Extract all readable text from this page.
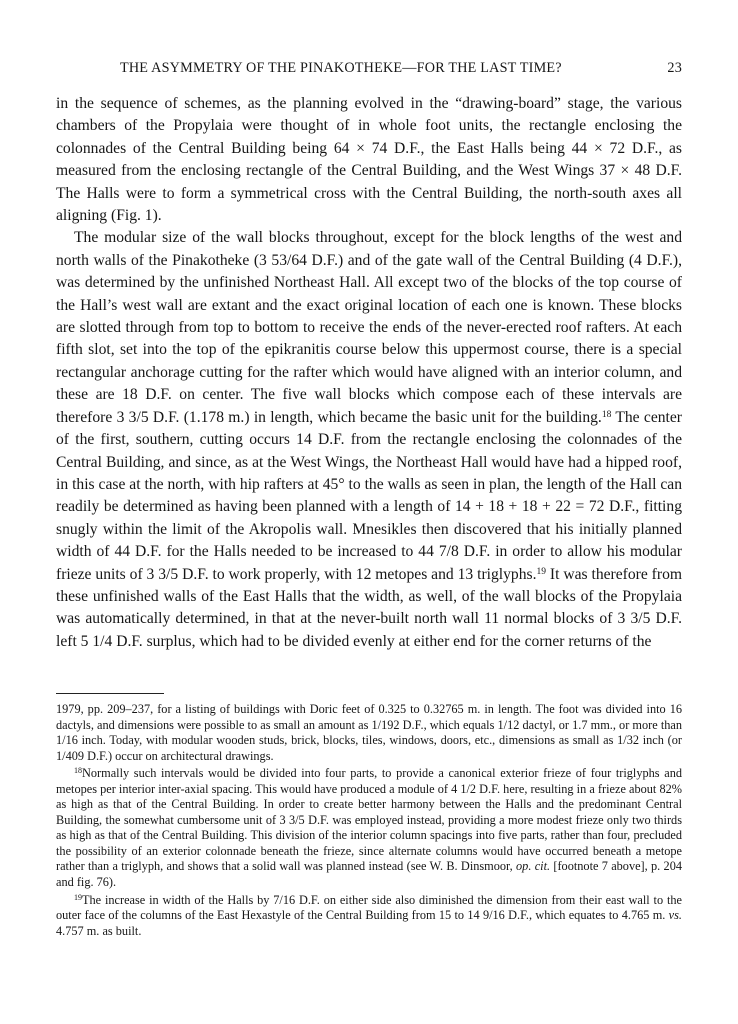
THE ASYMMETRY OF THE PINAKOTHEKE—FOR THE LAST TIME?	23

in the sequence of schemes, as the planning evolved in the “drawing-board” stage, the various chambers of the Propylaia were thought of in whole foot units, the rectangle enclosing the colonnades of the Central Building being 64 × 74 D.F., the East Halls being 44 × 72 D.F., as measured from the enclosing rectangle of the Central Building, and the West Wings 37 × 48 D.F. The Halls were to form a symmetrical cross with the Central Building, the north-south axes all aligning (Fig. 1).

The modular size of the wall blocks throughout, except for the block lengths of the west and north walls of the Pinakotheke (3 53/64 D.F.) and of the gate wall of the Central Building (4 D.F.), was determined by the unfinished Northeast Hall. All except two of the blocks of the top course of the Hall’s west wall are extant and the exact original location of each one is known. These blocks are slotted through from top to bottom to receive the ends of the never-erected roof rafters. At each fifth slot, set into the top of the epikranitis course below this uppermost course, there is a special rectangular anchorage cutting for the rafter which would have aligned with an interior column, and these are 18 D.F. on center. The five wall blocks which compose each of these intervals are therefore 3 3/5 D.F. (1.178 m.) in length, which became the basic unit for the building.$^{18}$ The center of the first, southern, cutting occurs 14 D.F. from the rectangle enclosing the colonnades of the Central Building, and since, as at the West Wings, the Northeast Hall would have had a hipped roof, in this case at the north, with hip rafters at 45° to the walls as seen in plan, the length of the Hall can readily be determined as having been planned with a length of 14 + 18 + 18 + 22 = 72 D.F., fitting snugly within the limit of the Akropolis wall. Mnesikles then discovered that his initially planned width of 44 D.F. for the Halls needed to be increased to 44 7/8 D.F. in order to allow his modular frieze units of 3 3/5 D.F. to work properly, with 12 metopes and 13 triglyphs.$^{19}$ It was therefore from these unfinished walls of the East Halls that the width, as well, of the wall blocks of the Propylaia was automatically determined, in that at the never-built north wall 11 normal blocks of 3 3/5 D.F. left 5 1/4 D.F. surplus, which had to be divided evenly at either end for the corner returns of the

1979, pp. 209–237, for a listing of buildings with Doric feet of 0.325 to 0.32765 m. in length. The foot was divided into 16 dactyls, and dimensions were possible to as small an amount as 1/192 D.F., which equals 1/12 dactyl, or 1.7 mm., or more than 1/16 inch. Today, with modular wooden studs, brick, blocks, tiles, windows, doors, etc., dimensions as small as 1/32 inch (or 1/409 D.F.) occur on architectural drawings.

$^{18}$Normally such intervals would be divided into four parts, to provide a canonical exterior frieze of four triglyphs and metopes per interior inter-axial spacing. This would have produced a module of 4 1/2 D.F. here, resulting in a frieze about 82% as high as that of the Central Building. In order to create better harmony between the Halls and the predominant Central Building, the somewhat cumbersome unit of 3 3/5 D.F. was employed instead, providing a more modest frieze only two thirds as high as that of the Central Building. This division of the interior column spacings into five parts, rather than four, precluded the possibility of an exterior colonnade beneath the frieze, since alternate columns would have occurred beneath a metope rather than a triglyph, and shows that a solid wall was planned instead (see W. B. Dinsmoor, op. cit. [footnote 7 above], p. 204 and fig. 76).

$^{19}$The increase in width of the Halls by 7/16 D.F. on either side also diminished the dimension from their east wall to the outer face of the columns of the East Hexastyle of the Central Building from 15 to 14 9/16 D.F., which equates to 4.765 m. vs. 4.757 m. as built.
